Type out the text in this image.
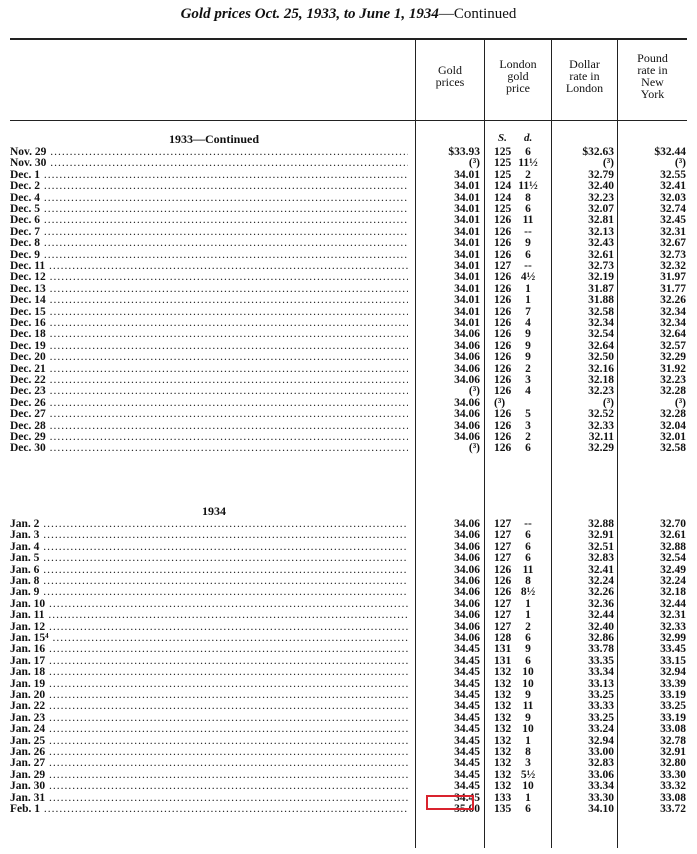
Gold prices Oct. 25, 1933, to June 1, 1934—Continued
Gold
prices
London
gold
price
Dollar
rate in
London
Pound
rate in
New
York
1933—Continued	S. d.
Nov. 29 .....	$33.93 125	6	$32.63	$32.44
Nov. 30 .....	(³) 125 11½	(³)	(³)
Dec. 1 .....	34.01 125	2	32.79	32.55
Dec. 2 .....	34.01 124 11½	32.40	32.41
Dec. 4 .....	34.01 124	8	32.23	32.03
Dec. 5 .....	34.01 125	6	32.07	32.74
Dec. 6 .....	34.01 126 11	32.81	32.45
Dec. 7 .....	34.01 126	--	32.13	32.31
Dec. 8 .....	34.01 126	9	32.43	32.67
Dec. 9 .....	34.01 126	6	32.61	32.73
Dec. 11 .....	34.01 127	--	32.73	32.32
Dec. 12 .....	34.01 126 4½	32.19	31.97
Dec. 13 .....	34.01 126	1	31.87	31.77
Dec. 14 .....	34.01 126	1	31.88	32.26
Dec. 15 .....	34.01 126	7	32.58	32.34
Dec. 16 .....	34.01 126	4	32.34	32.34
Dec. 18 .....	34.06 126	9	32.54	32.64
Dec. 19 .....	34.06 126	9	32.64	32.57
Dec. 20 .....	34.06 126	9	32.50	32.29
Dec. 21 .....	34.06 126	2	32.16	31.92
Dec. 22 .....	34.06 126	3	32.18	32.23
Dec. 23 .....	(³) 126	4	32.23	32.28
Dec. 26 .....	34.06 (³)	(³)	(³)
Dec. 27 .....	34.06 126	5	32.52	32.28
Dec. 28 .....	34.06 126	3	32.33	32.04
Dec. 29 .....	34.06 126	2	32.11	32.01
Dec. 30 .....	(³) 126	6	32.29	32.58
1934
Jan. 2 .....	34.06 127	--	32.88	32.70
Jan. 3 .....	34.06 127	6	32.91	32.61
Jan. 4 .....	34.06 127	6	32.51	32.88
Jan. 5 .....	34.06 127	6	32.83	32.54
Jan. 6 .....	34.06 126 11	32.41	32.49
Jan. 8 .....	34.06 126	8	32.24	32.24
Jan. 9 .....	34.06 126 8½	32.26	32.18
Jan. 10 .....	34.06 127	1	32.36	32.44
Jan. 11 .....	34.06 127	1	32.44	32.31
Jan. 12 .....	34.06 127	2	32.40	32.33
Jan. 15⁴ .....	34.06 128	6	32.86	32.99
Jan. 16 .....	34.45 131	9	33.78	33.45
Jan. 17 .....	34.45 131	6	33.35	33.15
Jan. 18 .....	34.45 132 10	33.34	32.94
Jan. 19 .....	34.45 132 10	33.13	33.39
Jan. 20 .....	34.45 132	9	33.25	33.19
Jan. 22 .....	34.45 132 11	33.33	33.25
Jan. 23 .....	34.45 132	9	33.25	33.19
Jan. 24 .....	34.45 132 10	33.24	33.08
Jan. 25 .....	34.45 132	1	32.94	32.78
Jan. 26 .....	34.45 132	8	33.00	32.91
Jan. 27 .....	34.45 132	3	32.83	32.80
Jan. 29 .....	34.45 132 5½	33.06	33.30
Jan. 30 .....	34.45 132 10	33.34	33.32
Jan. 31 .....	34.45 133	1	33.30	33.08
Feb. 1 .....	35.00 135	6	34.10	33.72
